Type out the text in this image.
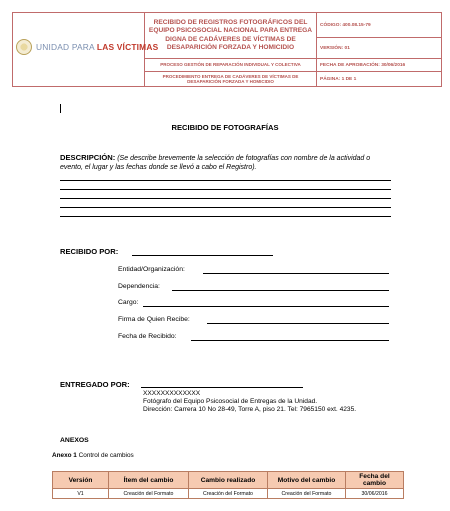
UNIDAD PARA LAS VÍCTIMAS	RECIBIDO DE REGISTROS FOTOGRÁFICOS DEL EQUIPO PSICOSOCIAL NACIONAL PARA ENTREGA DIGNA DE CADÁVERES DE VÍCTIMAS DE DESAPARICIÓN FORZADA Y HOMICIDIO	CÓDIGO: 400.08.15-79
		VERSIÓN: 01
	PROCESO GESTIÓN DE REPARACIÓN INDIVIDUAL Y COLECTIVA	FECHA DE APROBACIÓN: 30/06/2016
	PROCEDIMIENTO ENTREGA DE CADÁVERES DE VÍCTIMAS DE DESAPARICIÓN FORZADA Y HOMICIDIO	PÁGINA: 1 DE 1
RECIBIDO DE FOTOGRAFÍAS
DESCRIPCIÓN: (Se describe brevemente la selección de fotografías con nombre de la actividad o evento, el lugar y las fechas donde se llevó a cabo el Registro).
RECIBIDO POR:
Entidad/Organización:
Dependencia:
Cargo:
Firma de Quien Recibe:
Fecha de Recibido:
ENTREGADO POR:
XXXXXXXXXXXXX
Fotógrafo del Equipo Psicosocial de Entregas de la Unidad.
Dirección: Carrera 10 No 28-49, Torre A, piso 21. Tel: 7965150 ext. 4235.
ANEXOS
Anexo 1 Control de cambios
Versión	Ítem del cambio	Cambio realizado	Motivo del cambio	Fecha del cambio
V1	Creación del Formato	Creación del Formato	Creación del Formato	30/06/2016
